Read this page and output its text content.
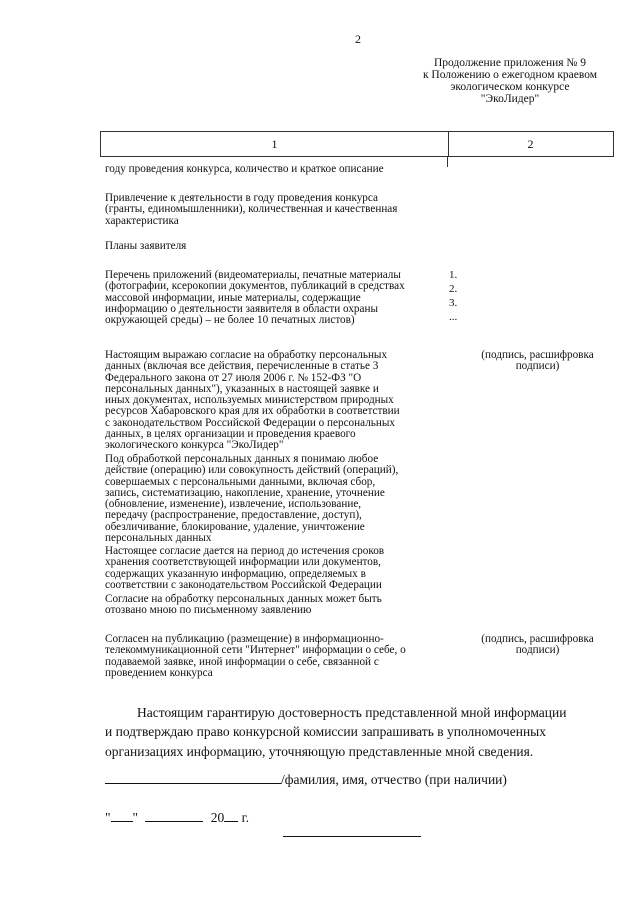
2
Продолжение приложения № 9
к Положению о ежегодном краевом
экологическом конкурсе
"ЭкоЛидер"
1	2
году проведения конкурса, количество и краткое описание
Привлечение к деятельности в году проведения конкурса
(гранты, единомышленники), количественная и качественная
характеристика
Планы заявителя
Перечень приложений (видеоматериалы, печатные материалы
(фотографии, ксерокопии документов, публикаций в средствах
массовой информации, иные материалы, содержащие
информацию о деятельности заявителя в области охраны
окружающей среды) – не более 10 печатных листов)
1.
2.
3.
...
Настоящим выражаю согласие на обработку персональных
данных (включая все действия, перечисленные в статье 3
Федерального закона от 27 июля 2006 г. № 152-ФЗ "О
персональных данных"), указанных в настоящей заявке и
иных документах, используемых министерством природных
ресурсов Хабаровского края для их обработки в соответствии
с законодательством Российской Федерации о персональных
данных, в целях организации и проведения краевого
экологического конкурса "ЭкоЛидер"
(подпись, расшифровка
подписи)
Под обработкой персональных данных я понимаю любое
действие (операцию) или совокупность действий (операций),
совершаемых с персональными данными, включая сбор,
запись, систематизацию, накопление, хранение, уточнение
(обновление, изменение), извлечение, использование,
передачу (распространение, предоставление, доступ),
обезличивание, блокирование, удаление, уничтожение
персональных данных
Настоящее согласие дается на период до истечения сроков
хранения соответствующей информации или документов,
содержащих указанную информацию, определяемых в
соответствии с законодательством Российской Федерации
Согласие на обработку персональных данных может быть
отозвано мною по письменному заявлению
Согласен на публикацию (размещение) в информационно-
телекоммуникационной сети "Интернет" информации о себе, о
подаваемой заявке, иной информации о себе, связанной с
проведением конкурса
(подпись, расшифровка
подписи)
Настоящим гарантирую достоверность представленной мной информации
и подтверждаю право конкурсной комиссии запрашивать в уполномоченных
организациях информацию, уточняющую представленные мной сведения.
/фамилия, имя, отчество (при наличии)
" "	20 г.
